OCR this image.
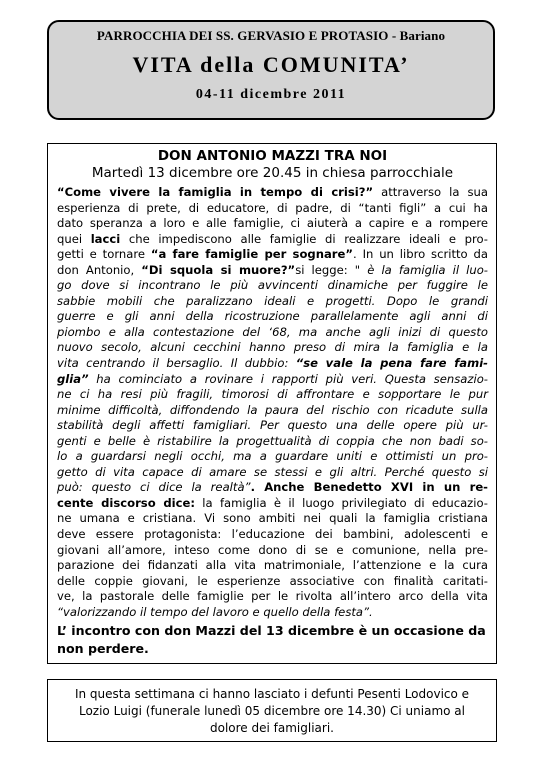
PARROCCHIA DEI SS. GERVASIO E PROTASIO - Bariano
VITA della COMUNITA’
04-11 dicembre 2011
DON ANTONIO MAZZI TRA NOI
Martedì 13 dicembre ore 20.45 in chiesa parrocchiale
“Come vivere la famiglia in tempo di crisi?” attraverso la sua
esperienza di prete, di educatore, di padre, di “tanti figli” a cui ha
dato speranza a loro e alle famiglie, ci aiuterà a capire e a rompere
quei lacci che impediscono alle famiglie di realizzare ideali e pro-
getti e tornare “a fare famiglie per sognare”. In un libro scritto da
don Antonio, “Di squola si muore?”si legge: " è la famiglia il luo-
go dove si incontrano le più avvincenti dinamiche per fuggire le
sabbie mobili che paralizzano ideali e progetti. Dopo le grandi
guerre e gli anni della ricostruzione parallelamente agli anni di
piombo e alla contestazione del ‘68, ma anche agli inizi di questo
nuovo secolo, alcuni cecchini hanno preso di mira la famiglia e la
vita centrando il bersaglio. Il dubbio: “se vale la pena fare fami-
glia” ha cominciato a rovinare i rapporti più veri. Questa sensazio-
ne ci ha resi più fragili, timorosi di affrontare e sopportare le pur
minime difficoltà, diffondendo la paura del rischio con ricadute sulla
stabilità degli affetti famigliari. Per questo una delle opere più ur-
genti e belle è ristabilire la progettualità di coppia che non badi so-
lo a guardarsi negli occhi, ma a guardare uniti e ottimisti un pro-
getto di vita capace di amare se stessi e gli altri. Perché questo si
può: questo ci dice la realtà”. Anche Benedetto XVI in un re-
cente discorso dice: la famiglia è il luogo privilegiato di educazio-
ne umana e cristiana. Vi sono ambiti nei quali la famiglia cristiana
deve essere protagonista: l’educazione dei bambini, adolescenti e
giovani all’amore, inteso come dono di se e comunione, nella pre-
parazione dei fidanzati alla vita matrimoniale, l’attenzione e la cura
delle coppie giovani, le esperienze associative con finalità caritati-
ve, la pastorale delle famiglie per le rivolta all’intero arco della vita
“valorizzando il tempo del lavoro e quello della festa”.
L’ incontro con don Mazzi del 13 dicembre è un occasione da non perdere.
In questa settimana ci hanno lasciato i defunti Pesenti Lodovico e
Lozio Luigi (funerale lunedì 05 dicembre ore 14.30) Ci uniamo al
dolore dei famigliari.
